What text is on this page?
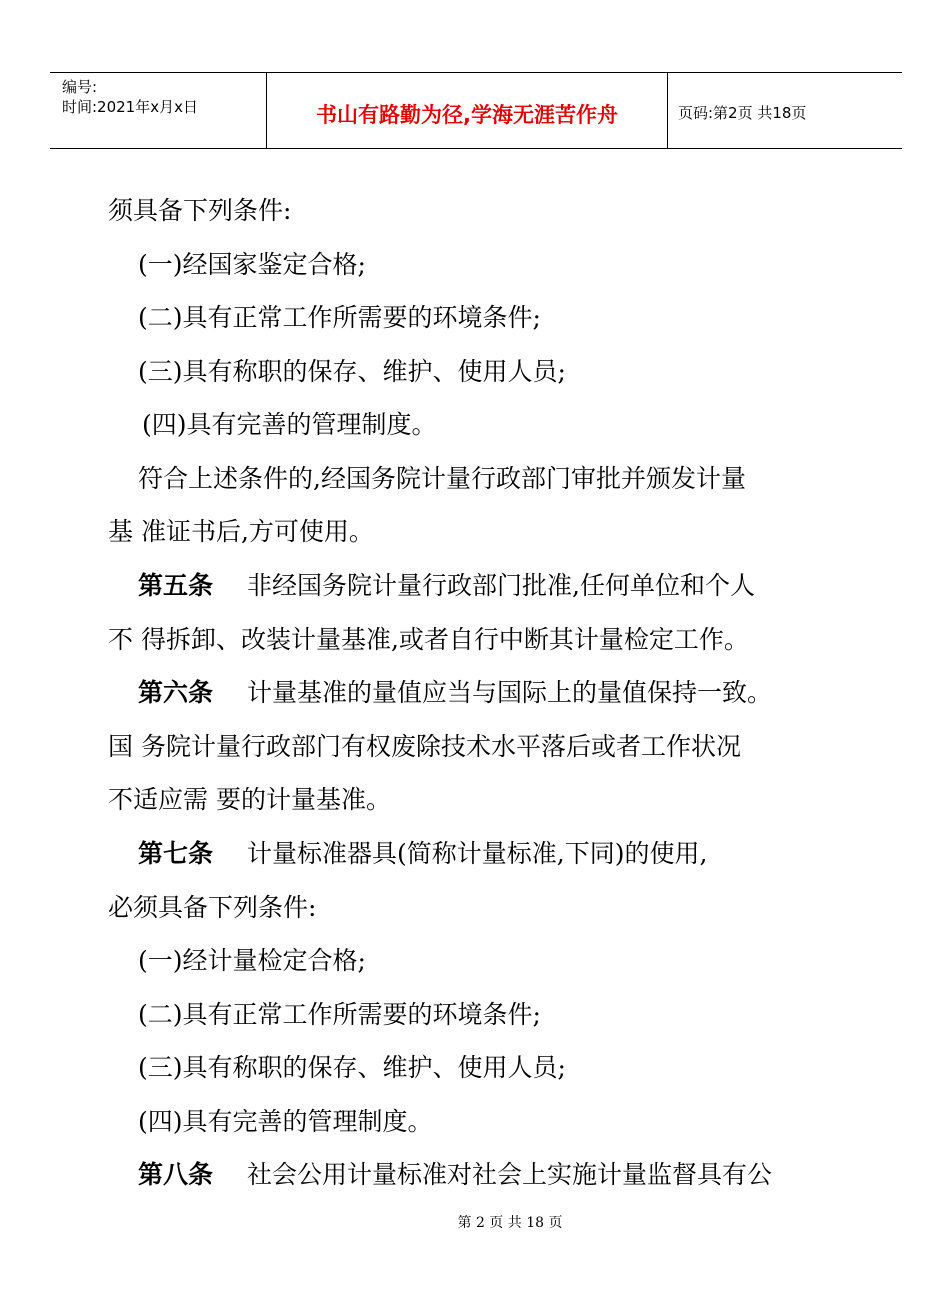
编号:
时间:2021年x月x日	书山有路勤为径,学海无涯苦作舟	页码:第2页 共18页
须具备下列条件:
(一)经国家鉴定合格;
(二)具有正常工作所需要的环境条件;
(三)具有称职的保存、维护、使用人员;
(四)具有完善的管理制度。
符合上述条件的,经国务院计量行政部门审批并颁发计量
基 准证书后,方可使用。
第五条 非经国务院计量行政部门批准,任何单位和个人
不 得拆卸、改装计量基准,或者自行中断其计量检定工作。
第六条 计量基准的量值应当与国际上的量值保持一致。
国 务院计量行政部门有权废除技术水平落后或者工作状况
不适应需 要的计量基准。
第七条 计量标准器具(简称计量标准,下同)的使用,
必须具备下列条件:
(一)经计量检定合格;
(二)具有正常工作所需要的环境条件;
(三)具有称职的保存、维护、使用人员;
(四)具有完善的管理制度。
第八条 社会公用计量标准对社会上实施计量监督具有公
第 2 页 共 18 页
